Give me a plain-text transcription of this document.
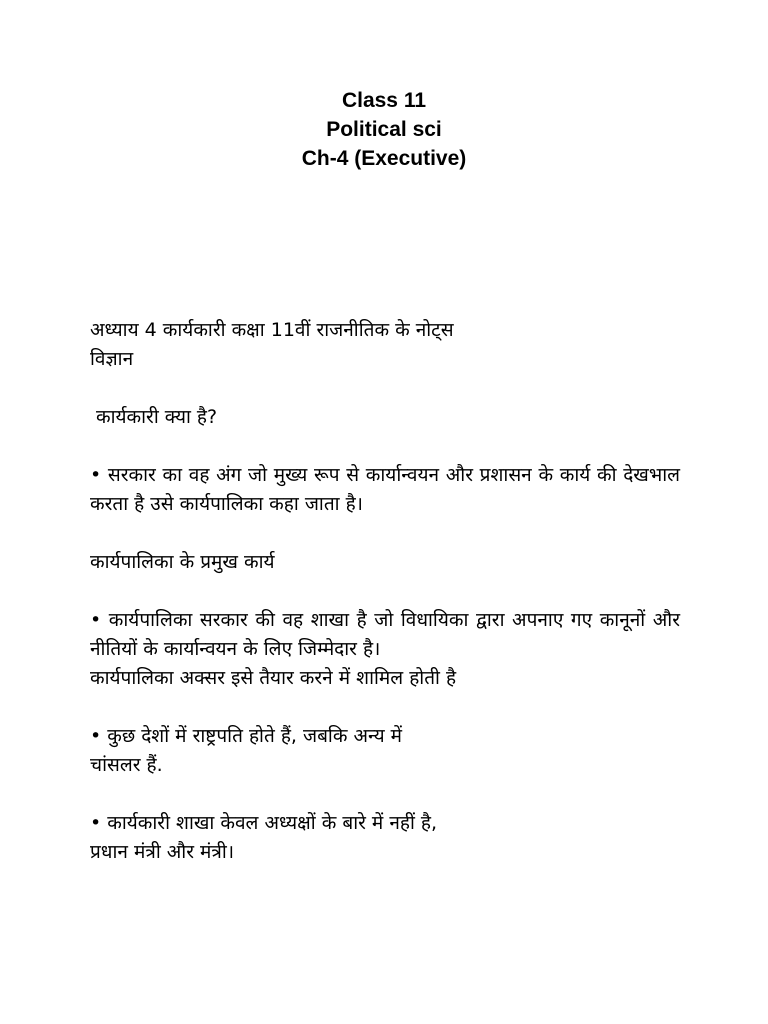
Class 11
Political sci
Ch-4 (Executive)

अध्याय 4 कार्यकारी कक्षा 11वीं राजनीतिक के नोट्स

विज्ञान

कार्यकारी क्या है?

• सरकार का वह अंग जो मुख्य रूप से कार्यान्वयन और प्रशासन के कार्य की देखभाल करता है उसे कार्यपालिका कहा जाता है।

कार्यपालिका के प्रमुख कार्य

• कार्यपालिका सरकार की वह शाखा है जो विधायिका द्वारा अपनाए गए कानूनों और नीतियों के कार्यान्वयन के लिए जिम्मेदार है।

कार्यपालिका अक्सर इसे तैयार करने में शामिल होती है

• कुछ देशों में राष्ट्रपति होते हैं, जबकि अन्य में

चांसलर हैं.

• कार्यकारी शाखा केवल अध्यक्षों के बारे में नहीं है,

प्रधान मंत्री और मंत्री।
